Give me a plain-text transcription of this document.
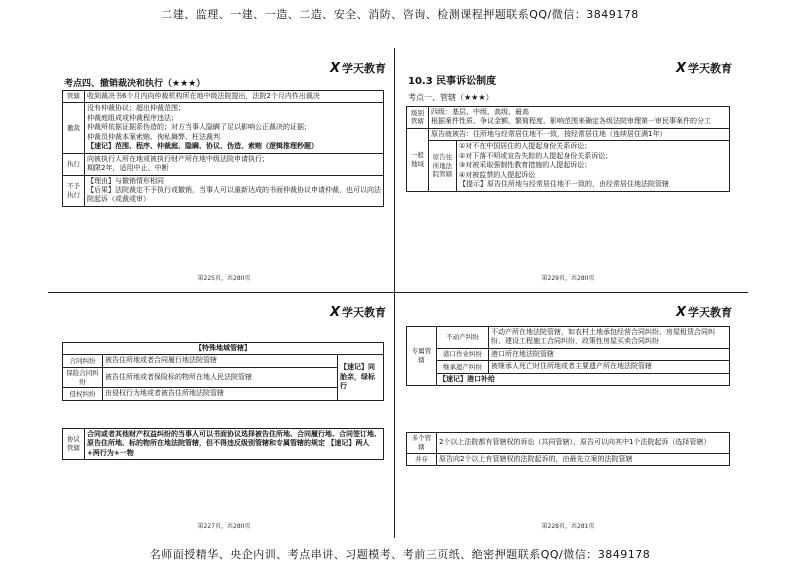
二建、监理、一建、一造、二造、安全、消防、咨询、检测课程押题联系QQ/微信：3849178
Ⅹ 学天教育
考点四、撤销裁决和执行（★★★）
管辖	收到裁决书6个月内向仲裁机构所在地中级法院提出，法院2个月内作出裁决
撤裁	没有仲裁协议；超出仲裁范围；
仲裁庭组成或仲裁程序违法；
仲裁所依据证据系伪造的；对方当事人隐瞒了足以影响公正裁决的证据；
仲裁员仲裁本案索贿、徇私舞弊、枉法裁判
【速记】范围、程序、仲裁庭、隐瞒、协议、伪造、索贿（逻辑推理秒题）

执行	向被执行人所在地或被执行财产所在地中级法院申请执行；
期限2年，适用中止、中断

不予执行	【理由】与撤销情形相同
【后果】法院裁定不予执行或撤销，当事人可以重新达成的书面仲裁协议申请仲裁，也可以向法院起诉（或裁或审）
第225页，共280页
Ⅹ 学天教育
10.3 民事诉讼制度
考点一、管辖（★★★）
级别管辖	四级：基层、中级、高级、最高
根据案件性质、争议金额、繁简程度、影响范围来确定各级法院审理第一审民事案件的分工	

一般地域	原告就被告：住所地与经常居住地不一致，按经常居住地（连续居住满1年）	
	原告住所地法院管辖	①对不在中国居住的人提起身份关系诉讼；
②对下落不明或宣告失踪的人提起身份关系诉讼；
③对被采取强制性教育措施的人提起诉讼；
④对被监禁的人提起诉讼
【提示】原告住所地与经常居住地不一致的，由经常居住地法院管辖
第229页，共280页
Ⅹ 学天教育
【特殊地域管辖】		
合同纠纷	被告住所地或者合同履行地法院管辖	【速记】同胎亲，绿标行
保险合同纠纷	被告住所地或者保险标的物所在地人民法院管辖	
侵权纠纷	由侵权行为地或者被告住所地法院管辖	
协议管辖	合同或者其他财产权益纠纷的当事人可以书面协议选择被告住所地、合同履行地、合同签订地、原告住所地、标的物所在地法院管辖，但不得违反级别管辖和专属管辖的规定 【速记】两人+两行为+一物
第227页，共280页
Ⅹ 学天教育
专属管辖	不动产纠纷	不动产所在地法院管辖，如农村土地承包经营合同纠纷、房屋租赁合同纠纷、建设工程施工合同纠纷，政策性房屋买卖合同纠纷
	港口作业纠纷	港口所在地法院管辖
	继承遗产纠纷	被继承人死亡时住所地或者主要遗产所在地法院管辖
	【速记】港口补给	
多个管辖	2个以上法院都有管辖权的诉讼（共同管辖），原告可以向其中1个法院起诉（选择管辖）
并存	原告向2个以上有管辖权的法院起诉的，由最先立案的法院管辖
第228页，共281页
名师面授精华、央企内训、考点串讲、习题模考、考前三页纸、绝密押题联系QQ/微信：3849178
